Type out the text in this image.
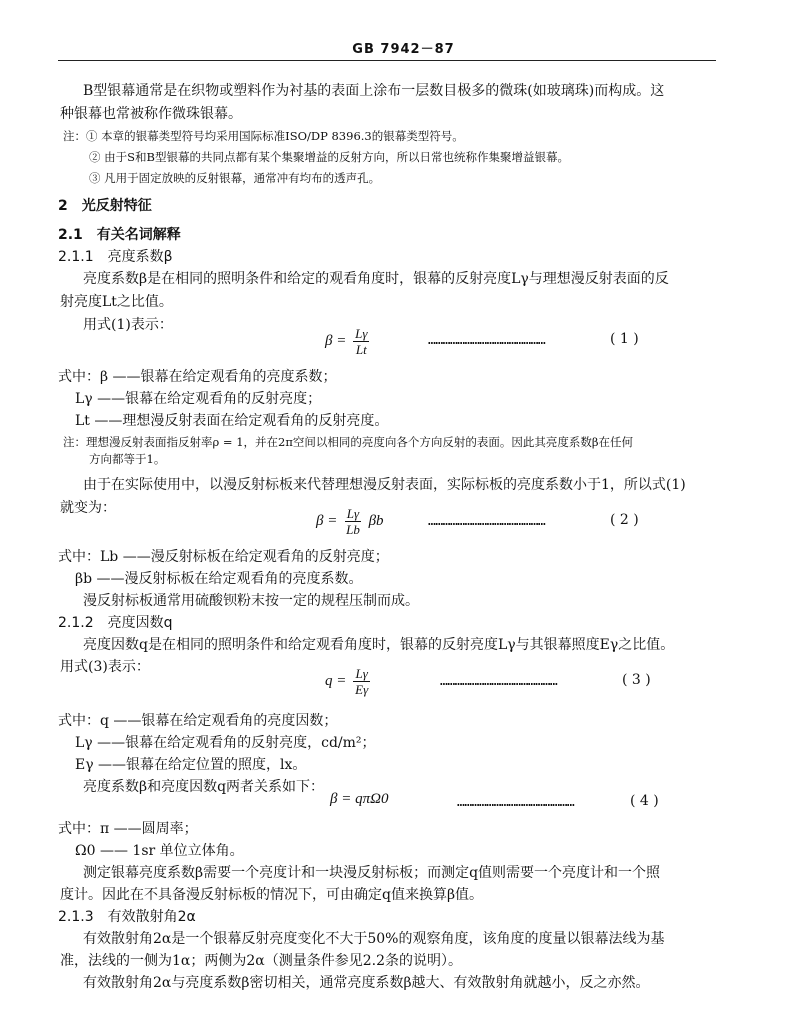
GB 7942－87
B型银幕通常是在织物或塑料作为衬基的表面上涂布一层数目极多的微珠(如玻璃珠)而构成。这
种银幕也常被称作微珠银幕。
注：① 本章的银幕类型符号均采用国际标准ISO/DP 8396.3的银幕类型符号。
② 由于S和B型银幕的共同点都有某个集聚增益的反射方向，所以日常也统称作集聚增益银幕。
③ 凡用于固定放映的反射银幕，通常冲有均布的透声孔。
2　光反射特征
2.1　有关名词解释
2.1.1　亮度系数β
亮度系数β是在相同的照明条件和给定的观看角度时，银幕的反射亮度Lγ与理想漫反射表面的反
射亮度Lt之比值。
用式(1)表示：
$\beta = \frac{L\gamma}{Lt}$	…………………………………………	( 1 )
式中：β ——银幕在给定观看角的亮度系数；
Lγ ——银幕在给定观看角的反射亮度；
Lt ——理想漫反射表面在给定观看角的反射亮度。
注：理想漫反射表面指反射率ρ = 1，并在2π空间以相同的亮度向各个方向反射的表面。因此其亮度系数β在任何
方向都等于1。
由于在实际使用中，以漫反射标板来代替理想漫反射表面，实际标板的亮度系数小于1，所以式(1)
就变为：
$\beta = \frac{L\gamma}{Lb}$ βb	…………………………………………	( 2 )
式中：Lb ——漫反射标板在给定观看角的反射亮度；
βb ——漫反射标板在给定观看角的亮度系数。
漫反射标板通常用硫酸钡粉末按一定的规程压制而成。
2.1.2　亮度因数q
亮度因数q是在相同的照明条件和给定观看角度时，银幕的反射亮度Lγ与其银幕照度Eγ之比值。
用式(3)表示：
$q = \frac{L\gamma}{E\gamma}$	…………………………………………	( 3 )
式中：q ——银幕在给定观看角的亮度因数；
Lγ ——银幕在给定观看角的反射亮度，cd/m²；
Eγ ——银幕在给定位置的照度，lx。
亮度系数β和亮度因数q两者关系如下：
β = qπΩ0	…………………………………………	( 4 )
式中：π ——圆周率；
Ω0 —— 1sr 单位立体角。
测定银幕亮度系数β需要一个亮度计和一块漫反射标板；而测定q值则需要一个亮度计和一个照
度计。因此在不具备漫反射标板的情况下，可由确定q值来换算β值。
2.1.3　有效散射角2α
有效散射角2α是一个银幕反射亮度变化不大于50%的观察角度，该角度的度量以银幕法线为基
准，法线的一侧为1α；两侧为2α（测量条件参见2.2条的说明）。
有效散射角2α与亮度系数β密切相关，通常亮度系数β越大、有效散射角就越小，反之亦然。
